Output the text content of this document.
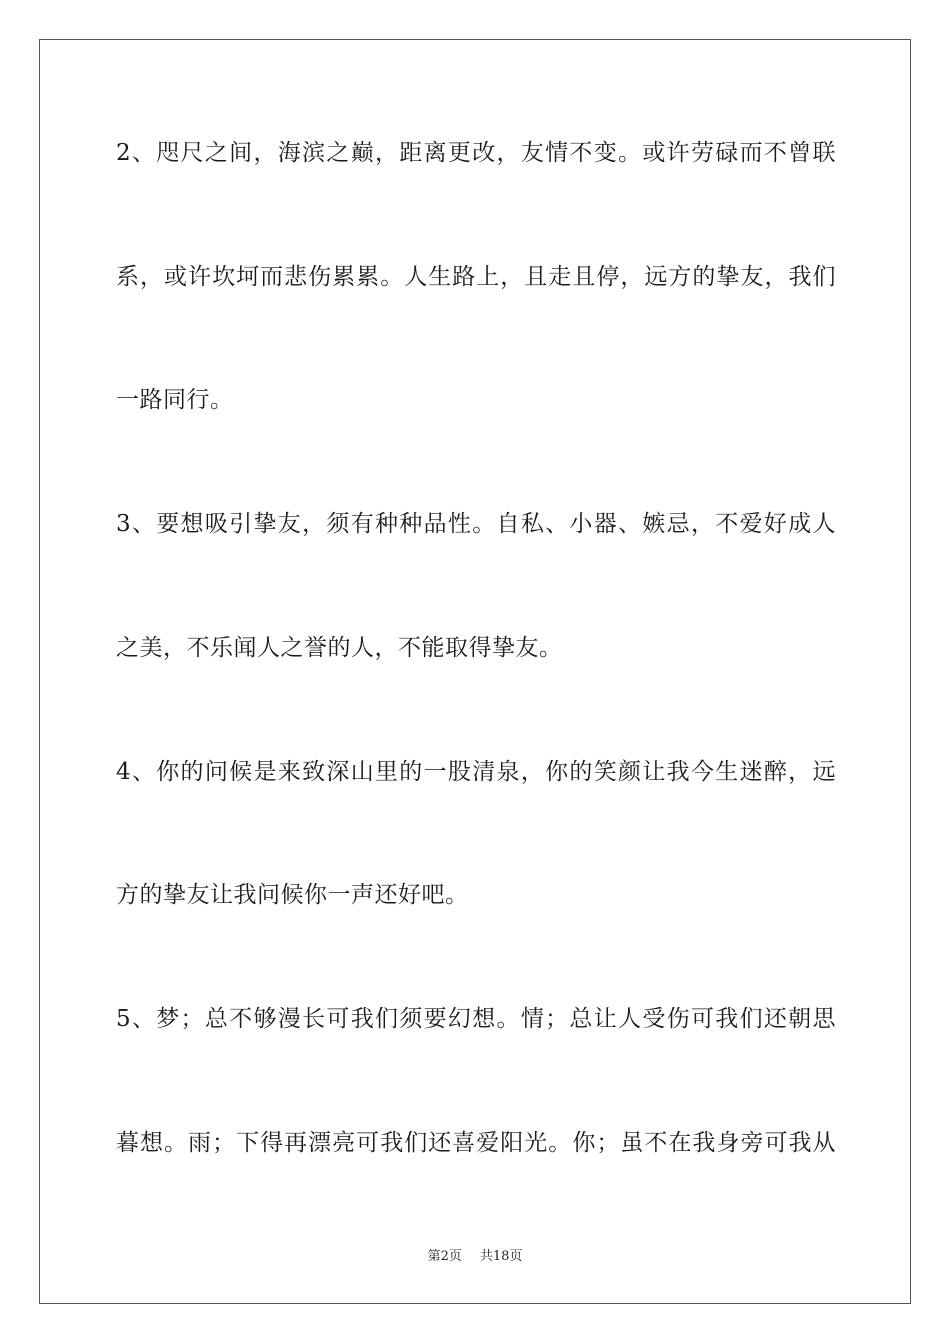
2、咫尺之间，海滨之巅，距离更改，友情不变。或许劳碌而不曾联
系，或许坎坷而悲伤累累。人生路上，且走且停，远方的挚友，我们
一路同行。
3、要想吸引挚友，须有种种品性。自私、小器、嫉忌，不爱好成人
之美，不乐闻人之誉的人，不能取得挚友。
4、你的问候是来致深山里的一股清泉，你的笑颜让我今生迷醉，远
方的挚友让我问候你一声还好吧。
5、梦；总不够漫长可我们须要幻想。情；总让人受伤可我们还朝思
暮想。雨；下得再漂亮可我们还喜爱阳光。你；虽不在我身旁可我从
第2页 共18页
